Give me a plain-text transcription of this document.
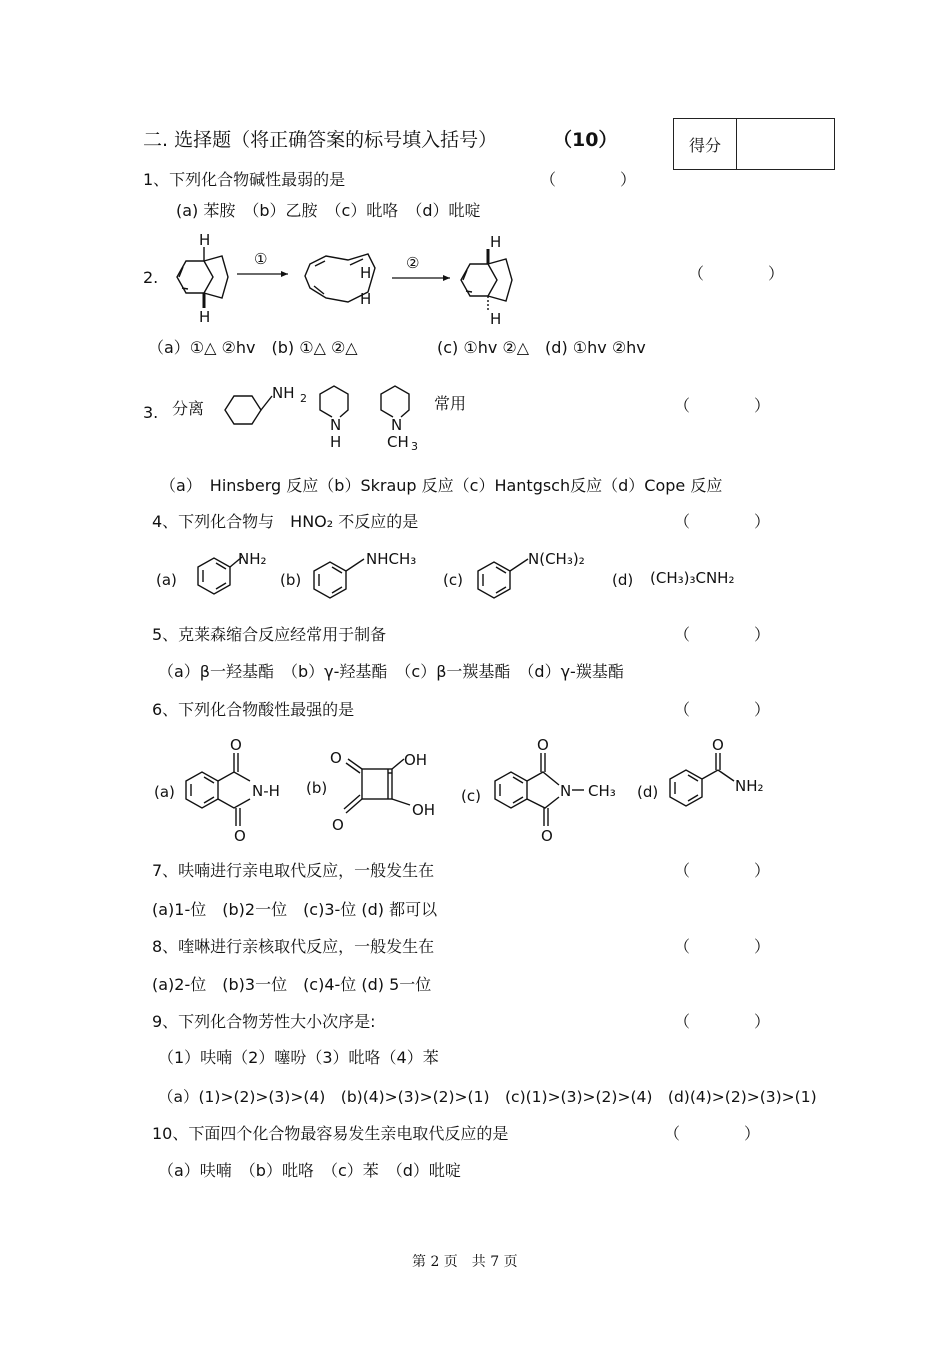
二. 选择题（将正确答案的标号填入括号）	（10）	得分
1、下列化合物碱性最弱的是	（　　　　）
(a) 苯胺　（b）乙胺　（c）吡咯　（d）吡啶
2.
H
H
①
H
H
②
H
H
（　　　　）
（a）①△ ②hv　(b) ①△ ②△	(c) ①hv ②△　(d) ①hv ②hv
3. 分离
NH 2
N
H
N
CH 3
常用	（　　　　）
（a）　Hinsberg 反应（b）Skraup 反应（c）Hantgsch反应（d）Cope 反应
4、下列化合物与　HNO₂ 不反应的是	（　　　　）
(a)
NH₂
(b)
NHCH₃
(c)
N(CH₃)₂
(d) (CH₃)₃CNH₂
5、克莱森缩合反应经常用于制备	（　　　　）
（a）β一羟基酯　（b）γ-羟基酯　（c）β一羰基酯　（d）γ-羰基酯
6、下列化合物酸性最强的是	（　　　　）
(a)
O
O
N-H (b)
O
O
OH
OH
(c)
O
O
N CH₃ (d)
O
NH₂
7、呋喃进行亲电取代反应，一般发生在	（　　　　）
(a)1-位　(b)2一位　(c)3-位 (d) 都可以
8、喹啉进行亲核取代反应，一般发生在	（　　　　）
(a)2-位　(b)3一位　(c)4-位 (d) 5一位
9、下列化合物芳性大小次序是:	（　　　　）
（1）呋喃（2）噻吩（3）吡咯（4）苯
（a）(1)>(2)>(3)>(4)　(b)(4)>(3)>(2)>(1)　(c)(1)>(3)>(2)>(4)　(d)(4)>(2)>(3)>(1)
10、下面四个化合物最容易发生亲电取代反应的是	（　　　　）
（a）呋喃　（b）吡咯　（c）苯　（d）吡啶
第 2 页　共 7 页
